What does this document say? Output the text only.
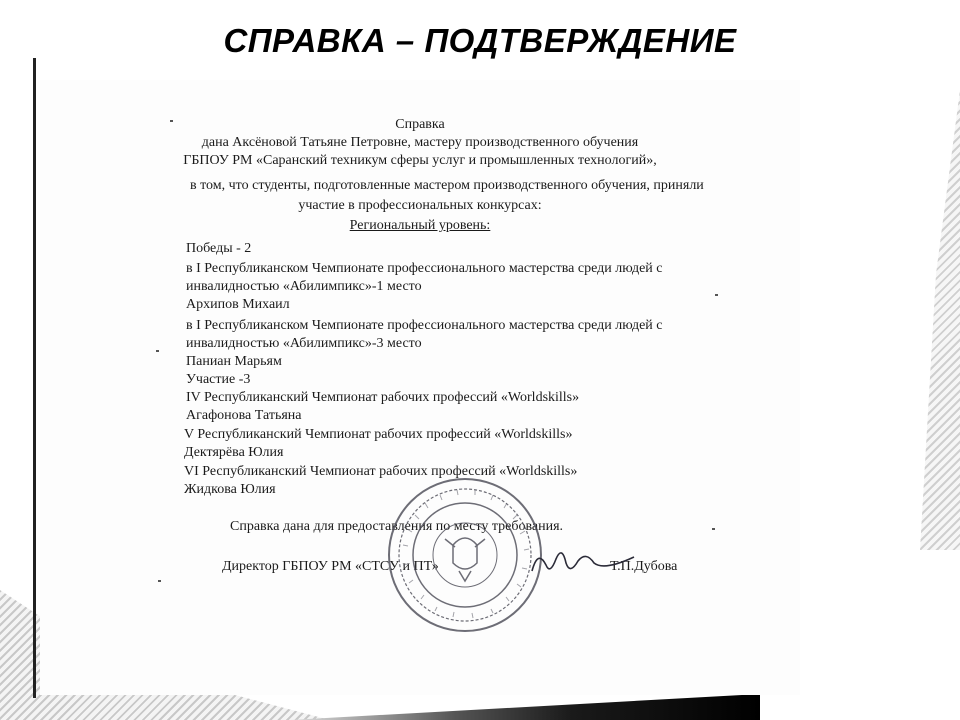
СПРАВКА – ПОДТВЕРЖДЕНИЕ
Справка
дана Аксёновой Татьяне Петровне, мастеру производственного обучения
ГБПОУ РМ «Саранский техникум сферы услуг и промышленных технологий»,
в том, что студенты, подготовленные мастером производственного обучения, приняли
участие в профессиональных конкурсах:
Региональный уровень:
Победы - 2
в I Республиканском Чемпионате профессионального мастерства среди людей с
инвалидностью «Абилимпикс»-1 место
Архипов Михаил
в I Республиканском Чемпионате профессионального мастерства среди людей с
инвалидностью «Абилимпикс»-3 место
Паниан Марьям
Участие -3
IV Республиканский Чемпионат рабочих профессий «Worldskills»
Агафонова Татьяна
V Республиканский Чемпионат рабочих профессий «Worldskills»
Дектярёва Юлия
VI Республиканский Чемпионат рабочих профессий «Worldskills»
Жидкова Юлия
Справка дана для предоставления по месту требования.
Директор ГБПОУ РМ «СТСУ и ПТ»	Т.П.Дубова
